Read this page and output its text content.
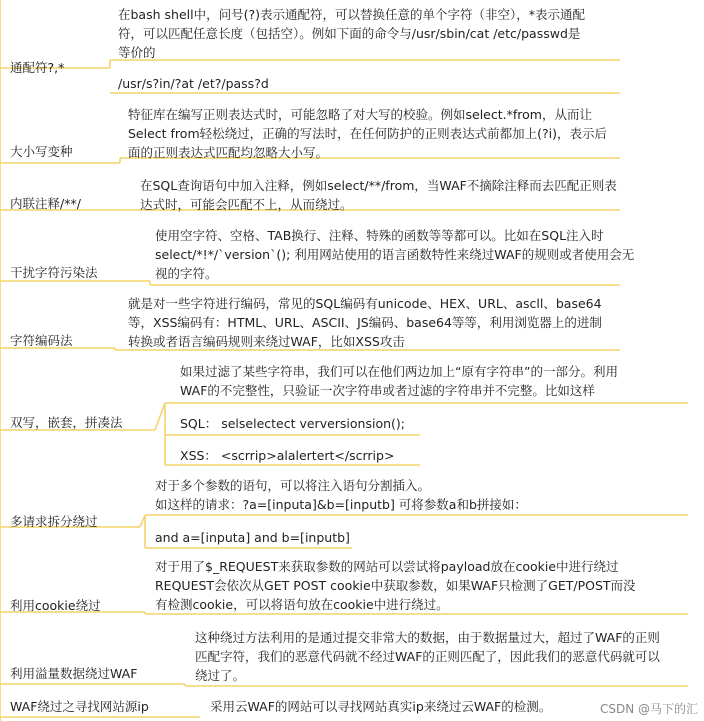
通配符?,*
在bash shell中，问号(?)表示通配符，可以替换任意的单个字符（非空），*表示通配
符，可以匹配任意长度（包括空）。例如下面的命令与/usr/sbin/cat /etc/passwd是
等价的
/usr/s?in/?at /et?/pass?d
大小写变种
特征库在编写正则表达式时，可能忽略了对大写的校验。例如select.*from，从而让
Select from轻松绕过，正确的写法时，在任何防护的正则表达式前都加上(?i)，表示后
面的正则表达式匹配均忽略大小写。
内联注释/**/
在SQL查询语句中加入注释，例如select/**/from，当WAF不摘除注释而去匹配正则表
达式时，可能会匹配不上，从而绕过。
干扰字符污染法
使用空字符、空格、TAB换行、注释、特殊的函数等等都可以。比如在SQL注入时
select/*!*/`version`(); 利用网站使用的语言函数特性来绕过WAF的规则或者使用会无
视的字符。
字符编码法
就是对一些字符进行编码，常见的SQL编码有unicode、HEX、URL、ascll、base64
等，XSS编码有：HTML、URL、ASCII、JS编码、base64等等，利用浏览器上的进制
转换或者语言编码规则来绕过WAF，比如XSS攻击
双写，嵌套，拼凑法
如果过滤了某些字符串，我们可以在他们两边加上“原有字符串”的一部分。利用
WAF的不完整性，只验证一次字符串或者过滤的字符串并不完整。比如这样
SQL： selselectect verversionsion();
XSS： <scrrip>alalertert</scrrip>
多请求拆分绕过
对于多个参数的语句，可以将注入语句分割插入。
如这样的请求：?a=[inputa]&b=[inputb] 可将参数a和b拼接如：
and a=[inputa] and b=[inputb]
利用cookie绕过
对于用了$_REQUEST来获取参数的网站可以尝试将payload放在cookie中进行绕过
REQUEST会依次从GET POST cookie中获取参数，如果WAF只检测了GET/POST而没
有检测cookie，可以将语句放在cookie中进行绕过。
利用溢量数据绕过WAF
这种绕过方法利用的是通过提交非常大的数据，由于数据量过大，超过了WAF的正则
匹配字符，我们的恶意代码就不经过WAF的正则匹配了，因此我们的恶意代码就可以
绕过了。
WAF绕过之寻找网站源ip	采用云WAF的网站可以寻找网站真实ip来绕过云WAF的检测。	CSDN @马下的汇
